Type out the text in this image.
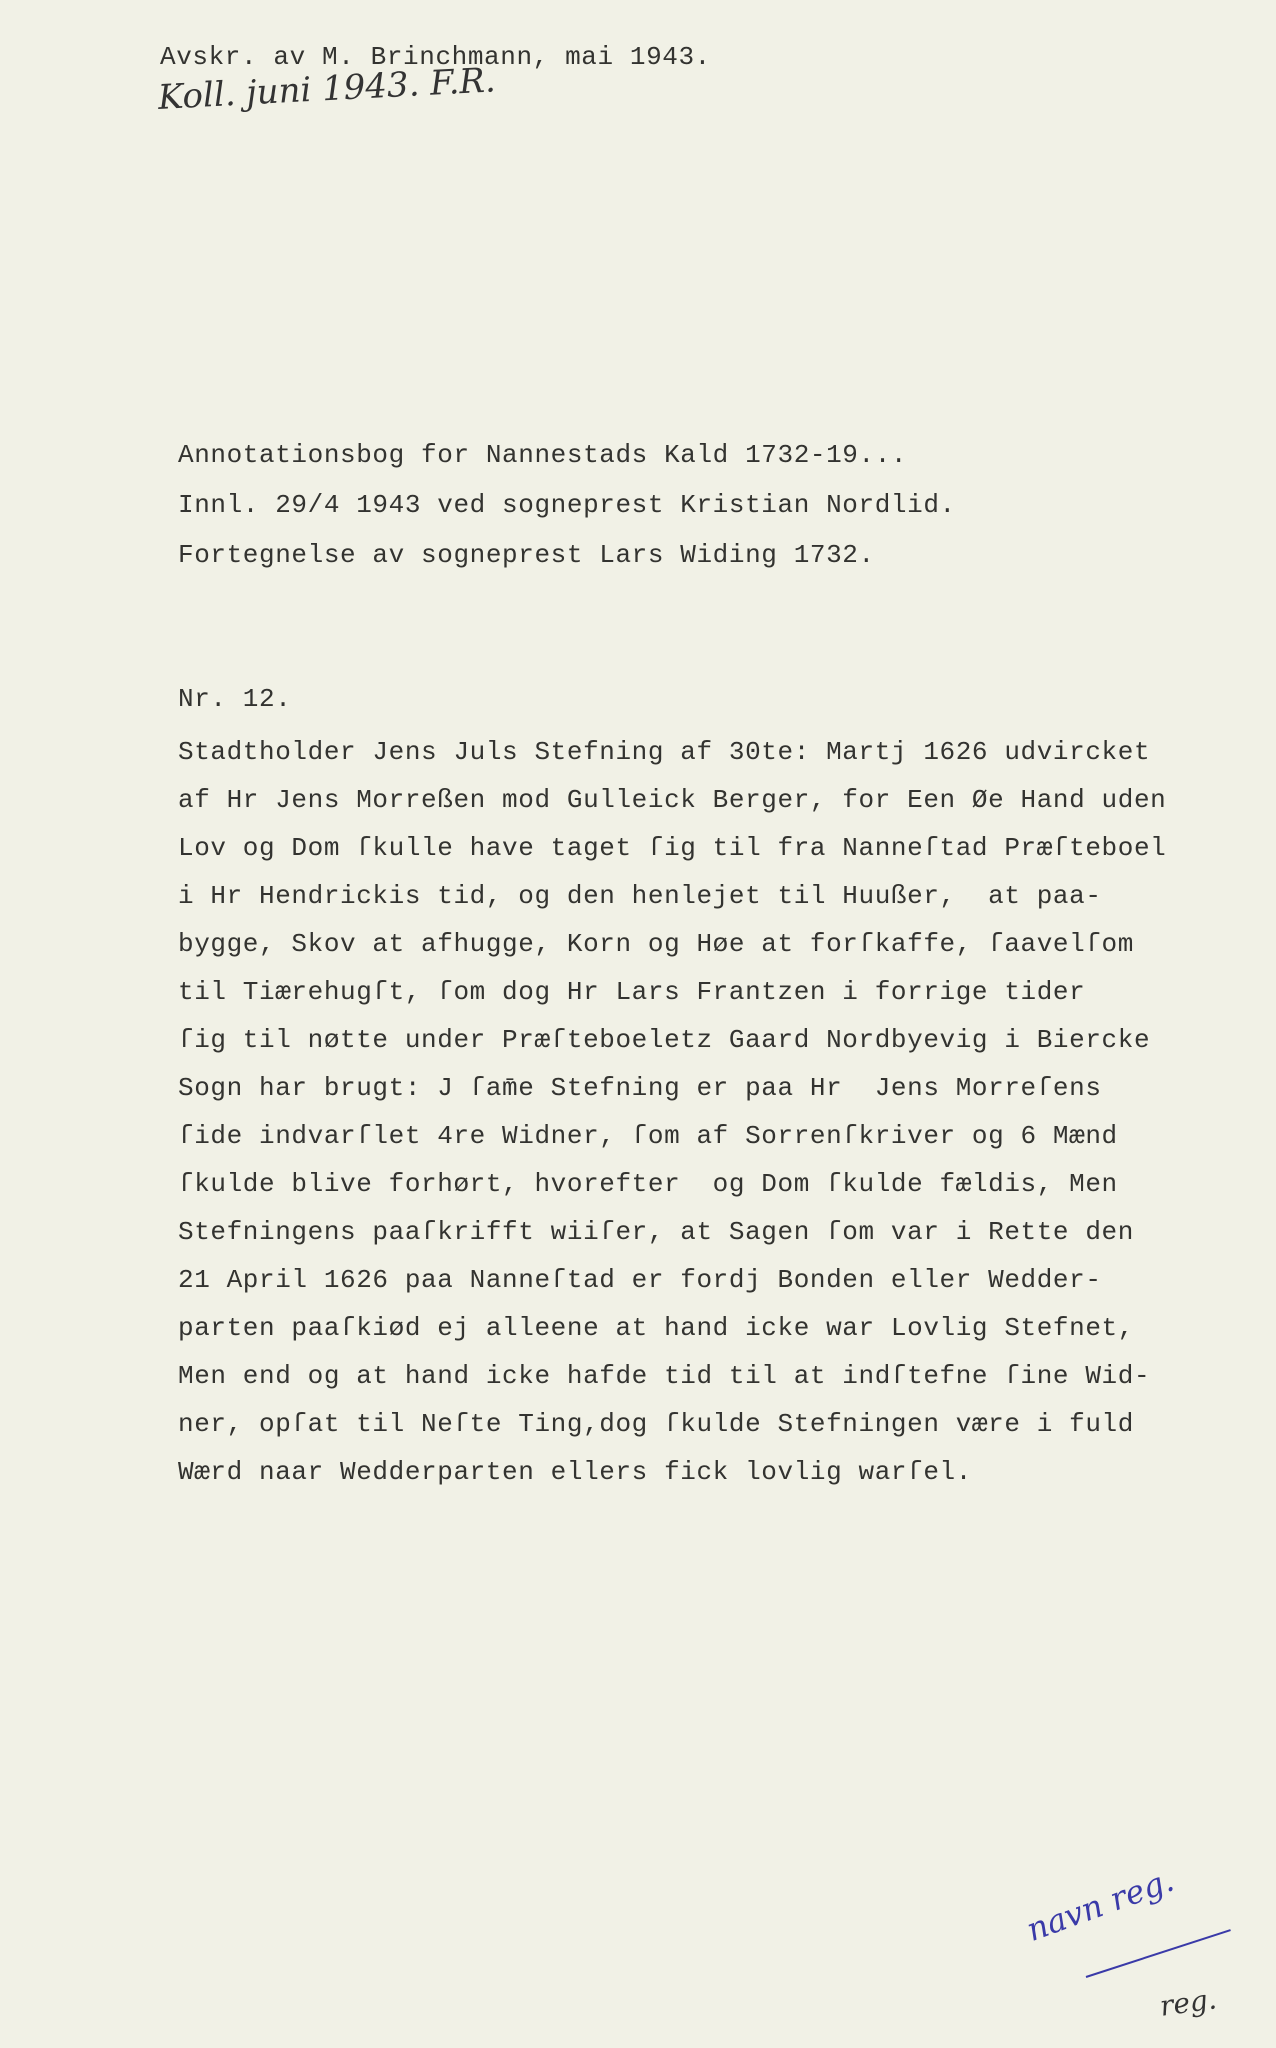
Avskr. av M. Brinchmann, mai 1943.
Koll. juni 1943. F.R.
Annotationsbog for Nannestads Kald 1732-19...
Innl. 29/4 1943 ved sogneprest Kristian Nordlid.
Fortegnelse av sogneprest Lars Widing 1732.
Nr. 12.
Stadtholder Jens Juls Stefning af 30te: Martj 1626 udvircket
af Hr Jens Morreßen mod Gulleick Berger, for Een Øe Hand uden
Lov og Dom ſkulle have taget ſig til fra Nanneſtad Præſteboel
i Hr Hendrickis tid, og den henlejet til Huußer,  at paa-
bygge, Skov at afhugge, Korn og Høe at forſkaffe, ſaavelſom
til Tiærehugſt, ſom dog Hr Lars Frantzen i forrige tider
ſig til nøtte under Præſteboeletz Gaard Nordbyevig i Biercke
Sogn har brugt: J ſam̄e Stefning er paa Hr  Jens Morreſens
ſide indvarſlet 4re Widner, ſom af Sorrenſkriver og 6 Mænd
ſkulde blive forhørt, hvorefter  og Dom ſkulde fældis, Men
Stefningens paaſkrifft wiiſer, at Sagen ſom var i Rette den
21 April 1626 paa Nanneſtad er fordj Bonden eller Wedder-
parten paaſkiød ej alleene at hand icke war Lovlig Stefnet,
Men end og at hand icke hafde tid til at indſtefne ſine Wid-
ner, opſat til Neſte Ting,dog ſkulde Stefningen være i fuld
Wærd naar Wedderparten ellers fick lovlig warſel.
navn reg.
reg.
